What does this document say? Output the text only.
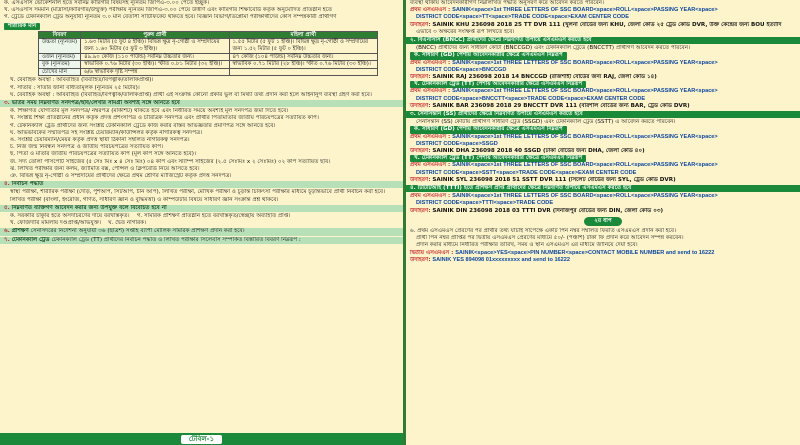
ক. এসএসসি ভোকেশনাল হতে সর্বনিম্ন কারিগরি বিষয়সহ ন্যূনতম জিপিএ-৩.০০ পেতে ইচ্ছুক।
খ. এসএসসি সমমান (মাদ্রাসা/কারিগরি/উন্মুক্ত) পরীক্ষায় ন্যূনতম জিপিএ-৩.০০ পেয়ে উত্তীর্ণ এবং কারিগরি শিক্ষাবোর্ড কর্তৃক অনুমোদিত প্রতিষ্ঠান হতে
গ. ট্রেডে টেকনিক্যাল ট্রেড অনুযায়ী ন্যূনতম ৩.০ মান বেতাসী সার্টিফিকেট থাকতে হবে। বিজ্ঞান বিভাগ/ডিপ্লোমা পরীক্ষার্থীদের কোর্স সম্পন্নকারী প্রার্থীগণ
শারীরিক মান
বিবরণ	পুরুষ প্রার্থী	মহিলা প্রার্থী
উচ্চতা (ন্যূনতম)	১.৬৩ মিটার (৫ ফুট ৪ ইঞ্চি)। বিভিন্ন ক্ষুদ্র নৃ-গোষ্ঠী ও সম্প্রদায়ের জন্য ১.৬০ মিটার (৫ ফুট ৩ ইঞ্চি)।	১.৫৫ মিটার (৫ ফুট ১ ইঞ্চি)। বিভিন্ন ক্ষুদ্র নৃ-গোষ্ঠী ও সম্প্রদায়ের জন্য ১.৫২ মিটার (৫ ফুট ০ ইঞ্চি)।
ওজন (ন্যূনতম)	৪৯.৯০ কেজি (১১০ পাউন্ড) সর্বনিম্ন উচ্চতার জন্য।	৪৭ কেজি (১০৪ পাউন্ড) সর্বনিম্ন উচ্চতার জন্য।
বুক (ন্যূনতম)	স্বাভাবিক ০.৭৬ মিটার (৩০ ইঞ্চি)। স্ফীত ০.৮১ মিটার (৩২ ইঞ্চি)।	স্বাভাবিক ০.৭১ মিটার (২৮ ইঞ্চি)। স্ফীত ০.৭৬ মিটার (৩০ ইঞ্চি)।
চোখের মান	৬/৬ স্বাভাবিক দৃষ্টি সম্পন্ন	
খ. বৈবাহিক অবস্থা : অবিবাহিত (বিবাহিত/বিপত্নীক/তালাকপ্রাপ্ত)।
গ. সাঁতার : সাঁতার জানা বাধ্যতামূলক (ন্যূনতম ২৫ মিটার)।
ঘ. বৈবাহিক অবস্থা : অবিবাহিত (বিবাহিত/বিপত্নীক/তালাকপ্রাপ্ত) প্রার্থী এই সংক্রান্ত কোনো প্রকার ভুল বা মিথ্যা তথ্য প্রদান করা হলে আইনানুগ ব্যবস্থা গ্রহণ করা হবে।
৩. ভর্তির সময় নিম্নবর্ণিত সনদপত্র/ছবি/লেখার সামগ্রী অবশ্যই সঙ্গে আনতে হবে
ক. শিক্ষাগত যোগ্যতার মূল সনদপত্র/ নম্বরপত্র (মার্কশিট) থাকতে হবে এবং নির্ধারিত সময়ে অবশ্যই মূল সনদপত্র জমা দিতে হবে।
খ. সংশ্লিষ্ট শিক্ষা প্রতিষ্ঠানের প্রধান কর্তৃক প্রদত্ত প্রশংসাপত্র ও চারিত্রিক সনদপত্র এবং প্রার্থীর পিতামাতার জাতীয় পরিচয়পত্রের সত্যায়িত কপি।
গ. টেকনিক্যাল ট্রেড প্রার্থীদের জন্য সংশ্লিষ্ট টেকনিক্যাল ট্রেডে কাজ করার বাস্তব অভিজ্ঞতার প্রমাণপত্র সঙ্গে আনতে হবে।
ঘ. অভিভাবকের সম্মতিপত্র সহ সংশ্লিষ্ট চেয়ারম্যান/কাউন্সিলর কর্তৃক নাগরিকত্ব সনদপত্র।
ঙ. সংশ্লিষ্ট চেয়ারম্যান/মেয়র কর্তৃক প্রদত্ত স্থায়ী ঠিকানা সম্বলিত নাগরিকত্ব সনদপত্র।
চ. নিজ জন্ম নিবন্ধন সনদপত্র ও জাতীয় পরিচয়পত্রের সত্যায়িত কপি।
ছ. পিতা ও মাতার জাতীয় পরিচয়পত্রের সত্যায়িত কপি (মূল কপি সঙ্গে আনতে হবে)।
জ. সদ্য তোলা পাসপোর্ট সাইজের (৫ সেঃ মিঃ x ৪ সেঃ মিঃ) ০৪ কপি এবং স্ট্যাম্প সাইজের (২.৫ সেঃমিঃ x ২ সেঃমিঃ) ০২ কপি সত্যায়িত ছবি।
ঝ. লিখিত পরীক্ষার জন্য কলম, জ্যামিতি বক্স, পেন্সিল ও ক্লিপবোর্ড নিয়ে আসতে হবে।
ঞ. বিভিন্ন ক্ষুদ্র নৃ-গোষ্ঠী ও সম্প্রদায়ের প্রার্থীদের ক্ষেত্রে প্রথম শ্রেণির ম্যাজিস্ট্রেট কর্তৃক প্রদত্ত সনদপত্র।
৪. নির্বাচন পদ্ধতি
স্বাস্থ্য পরীক্ষা, শারীরিক পরীক্ষা (দৌড়, পুশআপ, সিটআপ, চীন আপ), লিখিত পরীক্ষা, মৌখিক পরীক্ষা ও চূড়ান্ত চিকিৎসা পরীক্ষার মাধ্যমে চূড়ান্তভাবে প্রার্থী নির্বাচন করা হবে।
লিখিত পরীক্ষা (বাংলা, ইংরেজি, গণিত, সাধারণ জ্ঞান ও বুদ্ধিমত্তা) ও কম্পিউটার বিষয়ে সাধারণ জ্ঞান সংক্রান্ত প্রশ্ন থাকবে।
৫. নিম্নবর্ণিত ব্যক্তিগণ আবেদন করার জন্য উপযুক্ত বলে বিবেচিত হবে না
ক. সরকারি চাকুরি হতে অসদাচরণের দায়ে বরখাস্তকৃত। গ. সামরিক প্রশিক্ষণ প্রতিষ্ঠান হতে বরখাস্তকৃত/স্বেচ্ছায় অব্যাহতি প্রাপ্ত।
খ. ফৌজদারি মামলায় দণ্ডপ্রাপ্ত/অভিযুক্ত। ঘ. দ্বৈত নাগরিক।
৬. প্রশিক্ষণ সেনাসদরের নির্দেশনা অনুযায়ী ৩৬ (ছত্রিশ) সপ্তাহ ব্যাপী মৌলিক সামরিক প্রশিক্ষণ প্রদান করা হবে।
৭. টেকনিক্যাল ট্রেড টেকনিক্যাল ট্রেড (TT) প্রার্থীদের নির্বাচন পদ্ধতি ও লিখিত পরীক্ষার সিলেবাস সম্পর্কিত বিস্তারিত বিবরণ নিম্নরূপ :
টেবিল-১
ব্যবস্থা থাকায় আবেদনকারীগণ নিম্নলিখিত পদ্ধতি অনুসরণ করে আবেদন করতে পারবেন।
প্রথম এসএমএস : SAINIK<space>1st THREE LETTERS OF SSC BOARD<space>ROLL<space>PASSING YEAR<space>
DISTRICT CODE<space>TT<space>TRADE CODE<space>EXAM CENTER CODE
উদাহরণ: SAINIK KHU 236098 2018 25 TT DVR 111 (খুলনা বোর্ডের জন্য KHU, জেলা কোড ২৫ ট্রেড কোড DVR, উক্ত কেন্দ্রের জন্য BOU ইত্যাদি
এভাবে ৩ অক্ষরের সংক্ষিপ্ত রূপ লিখতে হবে।
২. বিএনসিসি (BNCC) প্রার্থীদের ক্ষেত্রে নিম্নবর্ণিত উপায়ে এসএমএস করতে হবে
(BNCC) প্রার্থীদের জন্য সাধারণ কোটা (BNCCGD) এবং টেকনিক্যাল ট্রেডে (BNCCTT) প্রার্থীগণ আবেদন করতে পারবেন।
ক. সাধারণ (GD) পেশায় আবেদনকারীর ক্ষেত্রে এসএমএস নিম্নরূপ
প্রথম এসএমএস : SAINIK<space>1st THREE LETTERS OF SSC BOARD<space>ROLL<space>PASSING YEAR<space>
DISTRICT CODE<space>BNCCGD
উদাহরণ: SAINIK RAJ 236098 2018 14 BNCCGD (রাজশাহী বোর্ডের জন্য RAJ, জেলা কোড ১৪)
খ. টেকনিক্যাল ট্রেড (TT) পেশায় আবেদনকারীর ক্ষেত্রে এসএমএস নিম্নরূপ
প্রথম এসএমএস : SAINIK<space>1st THREE LETTERS OF SSC BOARD<space>ROLL<space>PASSING YEAR<space>
DISTRICT CODE<space>BNCCTT<space>TRADE CODE<space>EXAM CENTER CODE
উদাহরণ: SAINIK BAR 236098 2018 29 BNCCTT DVR 111 (বরিশাল বোর্ডের জন্য BAR, ট্রেড কোড DVR)
৩. সেনাসন্তান (SS) প্রার্থীদের ক্ষেত্রে নিম্নবর্ণিত উপায়ে এসএমএস করতে হবে
সেনাসন্তান (SS) কোটায় প্রার্থীগণ সাধারণ ট্রেড (SSGD) এবং টেকনিক্যাল ট্রেড (SSTT) এ আবেদন করতে পারবেন।
ক. সাধারণ (GD) পেশায় আবেদনকারীর ক্ষেত্রে এসএমএস নিম্নরূপ
প্রথম এসএমএস : SAINIK<space>1st THREE LETTERS OF SSC BOARD<space>ROLL<space>PASSING YEAR<space>
DISTRICT CODE<space>SSGD
উদাহরণ: SAINIK DHA 236098 2018 40 SSGD (ঢাকা বোর্ডের জন্য DHA, জেলা কোড ৪০)
খ. টেকনিক্যাল ট্রেড (TT) পেশায় আবেদনকারীর ক্ষেত্রে এসএমএস নিম্নরূপ
প্রথম এসএমএস : SAINIK<space>1st THREE LETTERS OF SSC BOARD<space>ROLL<space>PASSING YEAR<space>
DISTRICT CODE<space>SSTT<space>TRADE CODE<space>EXAM CENTER CODE
উদাহরণ: SAINIK SYL 236098 2018 51 SSTT DVR 111 (সিলেট বোর্ডের জন্য SYL, ট্রেড কোড DVR)
৪. টিটিটিআই (TTTI) হতে প্রশিক্ষণ প্রাপ্ত প্রার্থীদের ক্ষেত্রে নিম্নবর্ণিত উপায়ে এসএমএস করতে হবে
প্রথম এসএমএস : SAINIK<space>1st THREE LETTERS OF SSC BOARD<space>ROLL<space>PASSING YEAR<space>
DISTRICT CODE<space>TTTI<space>TRADE CODE
উদাহরণ: SAINIK DIN 236098 2018 03 TTTI DVR (দিনাজপুর বোর্ডের জন্য DIN, জেলা কোড ০৩)
২য় ধাপ
৬. প্রথম এসএমএস প্রেরণের পর প্রার্থীর তথ্য যাচাই সাপেক্ষে একটি পিন নম্বর সম্বলিত ফিরতি এসএমএস প্রদান করা হবে।
প্রার্থী পিন নম্বর প্রাপ্তির পর দ্বিতীয় এসএমএস প্রেরণের মাধ্যমে ৫০/- (পঞ্চাশ) টাকা ফি প্রদান করে আবেদন সম্পন্ন করবেন।
প্রদান করার মাধ্যমে নির্ধারিত পরীক্ষার তারিখ, সময় ও স্থান এসএমএস এর মাধ্যমে জানিয়ে দেয়া হবে।
দ্বিতীয় এসএমএস : SAINIK<space>YES<space>PIN NUMBER<space>CONTACT MOBILE NUMBER and send to 16222
উদাহরণ: SAINIK YES 894098 01xxxxxxxxx and send to 16222
